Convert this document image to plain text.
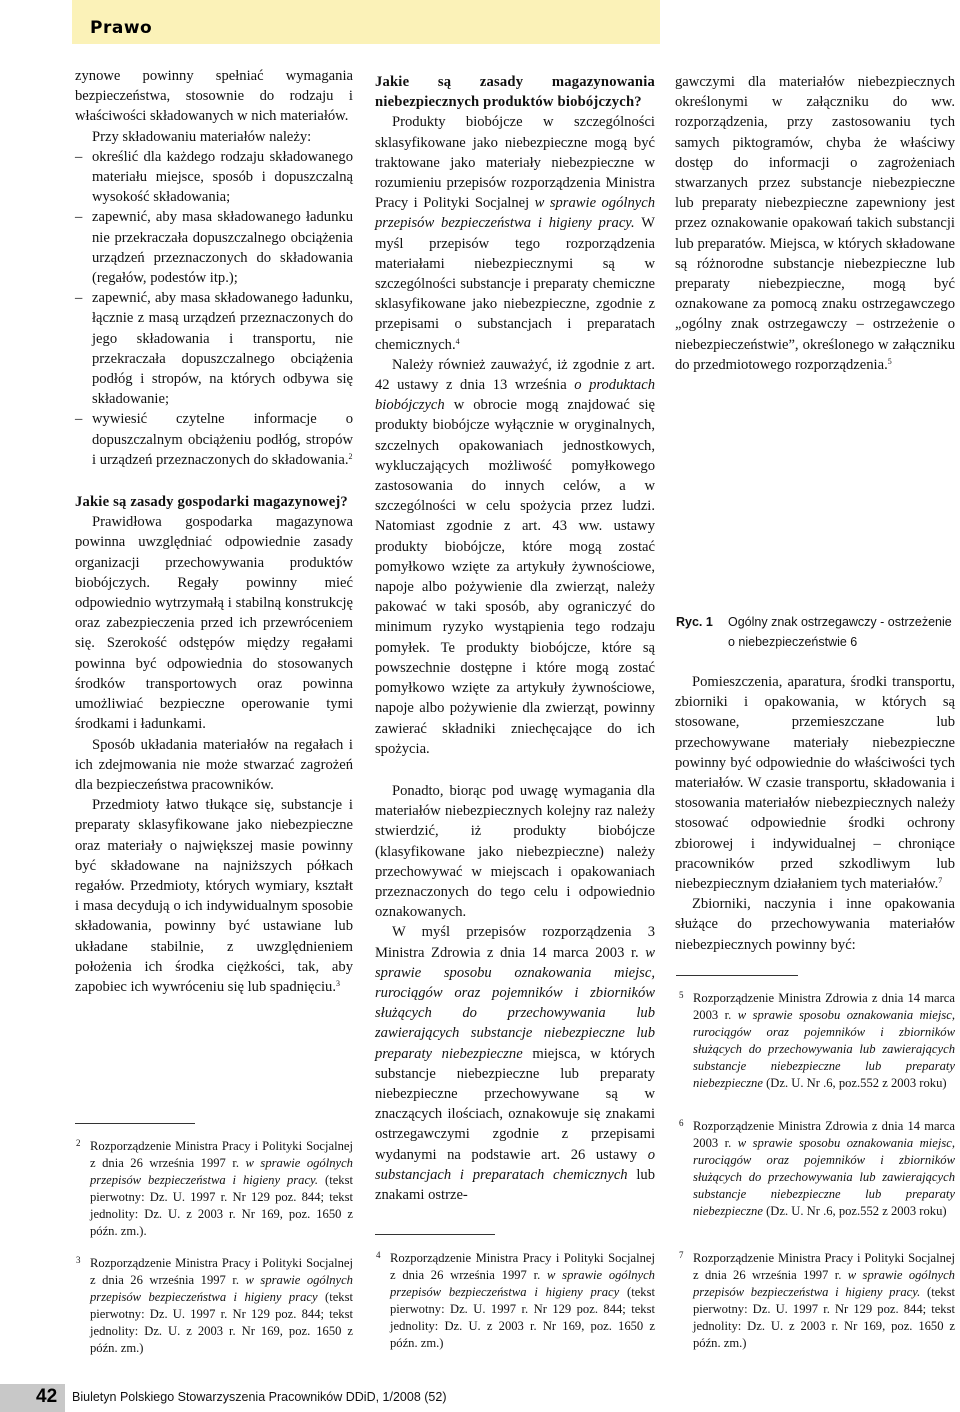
Prawo

zynowe powinny spełniać wymagania bezpieczeństwa, stosownie do rodzaju i właściwości składowanych w nich materiałów.

Przy składowaniu materiałów należy:

– określić dla każdego rodzaju składowanego materiału miejsce, sposób i dopuszczalną wysokość składowania;

– zapewnić, aby masa składowanego ładunku nie przekraczała dopuszczalnego obciążenia urządzeń przeznaczonych do składowania (regałów, podestów itp.);

– zapewnić, aby masa składowanego ładunku, łącznie z masą urządzeń przeznaczonych do jego składowania i transportu, nie przekraczała dopuszczalnego obciążenia podłóg i stropów, na których odbywa się składowanie;

– wywiesić czytelne informacje o dopuszczalnym obciążeniu podłóg, stropów i urządzeń przeznaczonych do składowania.$^2$

Jakie są zasady gospodarki magazynowej?

Prawidłowa gospodarka magazynowa powinna uwzględniać odpowiednie zasady organizacji przechowywania produktów biobójczych. Regały powinny mieć odpowiednio wytrzymałą i stabilną konstrukcję oraz zabezpieczenia przed ich przewróceniem się. Szerokość odstępów między regałami powinna być odpowiednia do stosowanych środków transportowych oraz powinna umożliwiać bezpieczne operowanie tymi środkami i ładunkami.

Sposób układania materiałów na regałach i ich zdejmowania nie może stwarzać zagrożeń dla bezpieczeństwa pracowników.

Przedmioty łatwo tłukące się, substancje i preparaty sklasyfikowane jako niebezpieczne oraz materiały o największej masie powinny być składowane na najniższych półkach regałów. Przedmioty, których wymiary, kształt i masa decydują o ich indywidualnym sposobie składowania, powinny być ustawiane lub układane stabilnie, z uwzględnieniem położenia ich środka ciężkości, tak, aby zapobiec ich wywróceniu się lub spadnięciu.$^3$

2 Rozporządzenie Ministra Pracy i Polityki Socjalnej z dnia 26 września 1997 r. w sprawie ogólnych przepisów bezpieczeństwa i higieny pracy. (tekst pierwotny: Dz. U. 1997 r. Nr 129 poz. 844; tekst jednolity: Dz. U. z 2003 r. Nr 169, poz. 1650 z późn. zm.).
3 Rozporządzenie Ministra Pracy i Polityki Socjalnej z dnia 26 września 1997 r. w sprawie ogólnych przepisów bezpieczeństwa i higieny pracy (tekst pierwotny: Dz. U. 1997 r. Nr 129 poz. 844; tekst jednolity: Dz. U. z 2003 r. Nr 169, poz. 1650 z późn. zm.)

Jakie są zasady magazynowania niebezpiecznych produktów biobójczych?

Produkty biobójcze w szczególności sklasyfikowane jako niebezpieczne mogą być traktowane jako materiały niebezpieczne w rozumieniu przepisów rozporządzenia Ministra Pracy i Polityki Socjalnej w sprawie ogólnych przepisów bezpieczeństwa i higieny pracy. W myśl przepisów tego rozporządzenia materiałami niebezpiecznymi są w szczególności substancje i preparaty chemiczne sklasyfikowane jako niebezpieczne, zgodnie z przepisami o substancjach i preparatach chemicznych.$^4$

Należy również zauważyć, iż zgodnie z art. 42 ustawy z dnia 13 września o produktach biobójczych w obrocie mogą znajdować się produkty biobójcze wyłącznie w oryginalnych, szczelnych opakowaniach jednostkowych, wykluczających możliwość pomyłkowego zastosowania do innych celów, a w szczególności w celu spożycia przez ludzi. Natomiast zgodnie z art. 43 ww. ustawy produkty biobójcze, które mogą zostać pomyłkowo wzięte za artykuły żywnościowe, napoje albo pożywienie dla zwierząt, należy pakować w taki sposób, aby ograniczyć do minimum ryzyko wystąpienia tego rodzaju pomyłek. Te produkty biobójcze, które są powszechnie dostępne i które mogą zostać pomyłkowo wzięte za artykuły żywnościowe, napoje albo pożywienie dla zwierząt, powinny zawierać składniki zniechęcające do ich spożycia.

Ponadto, biorąc pod uwagę wymagania dla materiałów niebezpiecznych kolejny raz należy stwierdzić, iż produkty biobójcze (klasyfikowane jako niebezpieczne) należy przechowywać w miejscach i opakowaniach przeznaczonych do tego celu i odpowiednio oznakowanych.

W myśl przepisów rozporządzenia 3 Ministra Zdrowia z dnia 14 marca 2003 r. w sprawie sposobu oznakowania miejsc, rurociągów oraz pojemników i zbiorników służących do przechowywania lub zawierających substancje niebezpieczne lub preparaty niebezpieczne miejsca, w których substancje niebezpieczne lub preparaty niebezpieczne przechowywane są w znaczących ilościach, oznakowuje się znakami ostrzegawczymi zgodnie z przepisami wydanymi na podstawie art. 26 ustawy o substancjach i preparatach chemicznych lub znakami ostrze-

4 Rozporządzenie Ministra Pracy i Polityki Socjalnej z dnia 26 września 1997 r. w sprawie ogólnych przepisów bezpieczeństwa i higieny pracy (tekst pierwotny: Dz. U. 1997 r. Nr 129 poz. 844; tekst jednolity: Dz. U. z 2003 r. Nr 169, poz. 1650 z późn. zm.)

gawczymi dla materiałów niebezpiecznych określonymi w załączniku do ww. rozporządzenia, przy zastosowaniu tych samych piktogramów, chyba że właściwy dostęp do informacji o zagrożeniach stwarzanych przez substancje niebezpieczne lub preparaty niebezpieczne zapewniony jest przez oznakowanie opakowań takich substancji lub preparatów. Miejsca, w których składowane są różnorodne substancje niebezpieczne lub preparaty niebezpieczne, mogą być oznakowane za pomocą znaku ostrzegawczego „ogólny znak ostrzegawczy – ostrzeżenie o niebezpieczeństwie”, określonego w załączniku do przedmiotowego rozporządzenia.$^5$

Ryc. 1	Ogólny znak ostrzegawczy - ostrzeżenie o niebezpieczeństwie 6

Pomieszczenia, aparatura, środki transportu, zbiorniki i opakowania, w których są stosowane, przemieszczane lub przechowywane materiały niebezpieczne powinny być odpowiednie do właściwości tych materiałów. W czasie transportu, składowania i stosowania materiałów niebezpiecznych należy stosować odpowiednie środki ochrony zbiorowej i indywidualnej – chroniące pracowników przed szkodliwym lub niebezpiecznym działaniem tych materiałów.$^7$

Zbiorniki, naczynia i inne opakowania służące do przechowywania materiałów niebezpiecznych powinny być:

5 Rozporządzenie Ministra Zdrowia z dnia 14 marca 2003 r. w sprawie sposobu oznakowania miejsc, rurociągów oraz pojemników i zbiorników służących do przechowywania lub zawierających substancje niebezpieczne lub preparaty niebezpieczne (Dz. U. Nr .6, poz.552 z 2003 roku)
6 Rozporządzenie Ministra Zdrowia z dnia 14 marca 2003 r. w sprawie sposobu oznakowania miejsc, rurociągów oraz pojemników i zbiorników służących do przechowywania lub zawierających substancje niebezpieczne lub preparaty niebezpieczne (Dz. U. Nr .6, poz.552 z 2003 roku)
7 Rozporządzenie Ministra Pracy i Polityki Socjalnej z dnia 26 września 1997 r. w sprawie ogólnych przepisów bezpieczeństwa i higieny pracy. (tekst pierwotny: Dz. U. 1997 r. Nr 129 poz. 844; tekst jednolity: Dz. U. z 2003 r. Nr 169, poz. 1650 z późn. zm.)
42 Biuletyn Polskiego Stowarzyszenia Pracowników DDiD, 1/2008 (52)
